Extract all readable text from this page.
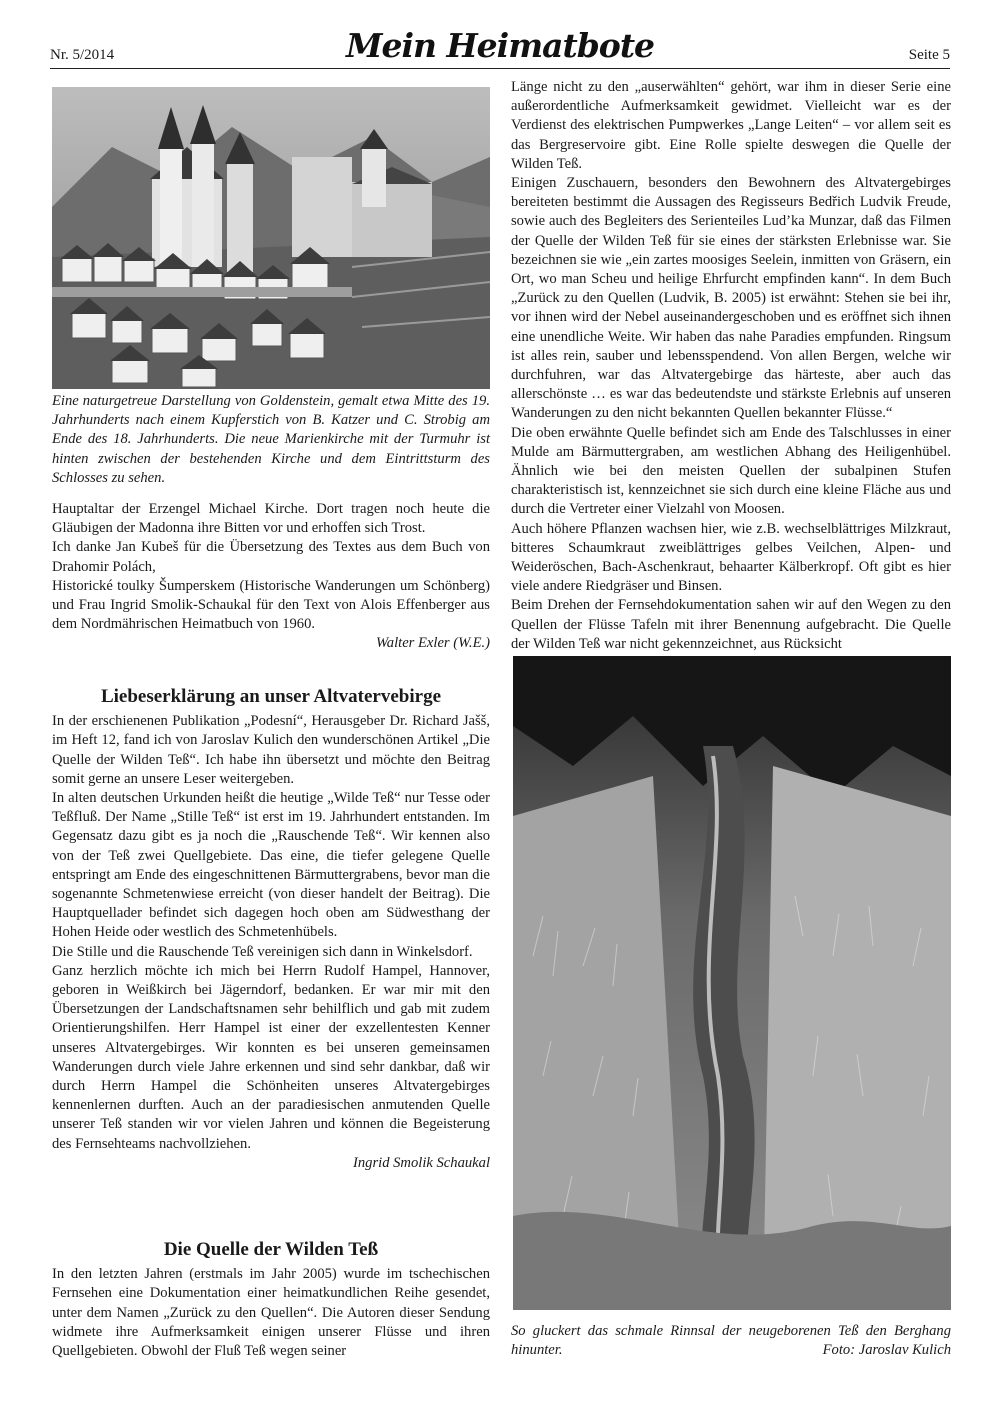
Nr. 5/2014	Mein Heimatbote	Seite 5

Eine naturgetreue Darstellung von Goldenstein, gemalt etwa Mitte des 19. Jahrhunderts nach einem Kupferstich von B. Katzer und C. Strobig am Ende des 18. Jahrhunderts. Die neue Marienkirche mit der Turmuhr ist hinten zwischen der bestehenden Kirche und dem Eintrittsturm des Schlosses zu sehen.

Hauptaltar der Erzengel Michael Kirche. Dort tragen noch heute die Gläubigen der Madonna ihre Bitten vor und erhoffen sich Trost.

Ich danke Jan Kubeš für die Übersetzung des Textes aus dem Buch von Drahomir Polách,

Historické toulky Šumperskem (Historische Wanderungen um Schönberg) und Frau Ingrid Smolik-Schaukal für den Text von Alois Effenberger aus dem Nordmährischen Heimatbuch von 1960.

Walter Exler (W.E.)

Liebeserklärung an unser Altvatervebirge

In der erschienenen Publikation „Podesní“, Herausgeber Dr. Richard Jašš, im Heft 12, fand ich von Jaroslav Kulich den wunderschönen Artikel „Die Quelle der Wilden Teß“. Ich habe ihn übersetzt und möchte den Beitrag somit gerne an unsere Leser weitergeben.

In alten deutschen Urkunden heißt die heutige „Wilde Teß“ nur Tesse oder Teßfluß. Der Name „Stille Teß“ ist erst im 19. Jahrhundert entstanden. Im Gegensatz dazu gibt es ja noch die „Rauschende Teß“. Wir kennen also von der Teß zwei Quellgebiete. Das eine, die tiefer gelegene Quelle entspringt am Ende des eingeschnittenen Bärmuttergrabens, bevor man die sogenannte Schmetenwiese erreicht (von dieser handelt der Beitrag). Die Hauptquellader befindet sich dagegen hoch oben am Südwesthang der Hohen Heide oder westlich des Schmetenhübels.

Die Stille und die Rauschende Teß vereinigen sich dann in Winkelsdorf.

Ganz herzlich möchte ich mich bei Herrn Rudolf Hampel, Hannover, geboren in Weißkirch bei Jägerndorf, bedanken. Er war mir mit den Übersetzungen der Landschaftsnamen sehr behilflich und gab mit zudem Orientierungshilfen. Herr Hampel ist einer der exzellentesten Kenner unseres Altvatergebirges. Wir konnten es bei unseren gemeinsamen Wanderungen durch viele Jahre erkennen und sind sehr dankbar, daß wir durch Herrn Hampel die Schönheiten unseres Altvatergebirges kennenlernen durften. Auch an der paradiesischen anmutenden Quelle unserer Teß standen wir vor vielen Jahren und können die Begeisterung des Fernsehteams nachvollziehen.

Ingrid Smolik Schaukal

Die Quelle der Wilden Teß

In den letzten Jahren (erstmals im Jahr 2005) wurde im tschechischen Fernsehen eine Dokumentation einer heimatkundlichen Reihe gesendet, unter dem Namen „Zurück zu den Quellen“. Die Autoren dieser Sendung widmete ihre Aufmerksamkeit einigen unserer Flüsse und ihren Quellgebieten. Obwohl der Fluß Teß wegen seiner

Länge nicht zu den „auserwählten“ gehört, war ihm in dieser Serie eine außerordentliche Aufmerksamkeit gewidmet. Vielleicht war es der Verdienst des elektrischen Pumpwerkes „Lange Leiten“ – vor allem seit es das Bergreservoire gibt. Eine Rolle spielte deswegen die Quelle der Wilden Teß.

Einigen Zuschauern, besonders den Bewohnern des Altvatergebirges bereiteten bestimmt die Aussagen des Regisseurs Bedřich Ludvik Freude, sowie auch des Begleiters des Serienteiles Lud’ka Munzar, daß das Filmen der Quelle der Wilden Teß für sie eines der stärksten Erlebnisse war. Sie bezeichnen sie wie „ein zartes moosiges Seelein, inmitten von Gräsern, ein Ort, wo man Scheu und heilige Ehrfurcht empfinden kann“. In dem Buch „Zurück zu den Quellen (Ludvik, B. 2005) ist erwähnt: Stehen sie bei ihr, vor ihnen wird der Nebel auseinandergeschoben und es eröffnet sich ihnen eine unendliche Weite. Wir haben das nahe Paradies empfunden. Ringsum ist alles rein, sauber und lebensspendend. Von allen Bergen, welche wir durchfuhren, war das Altvatergebirge das härteste, aber auch das allerschönste … es war das bedeutendste und stärkste Erlebnis auf unseren Wanderungen zu den nicht bekannten Quellen bekannter Flüsse.“

Die oben erwähnte Quelle befindet sich am Ende des Talschlusses in einer Mulde am Bärmuttergraben, am westlichen Abhang des Heiligenhübel. Ähnlich wie bei den meisten Quellen der subalpinen Stufen charakteristisch ist, kennzeichnet sie sich durch eine kleine Fläche aus und durch die Vertreter einer Vielzahl von Moosen.

Auch höhere Pflanzen wachsen hier, wie z.B. wechselblättriges Milzkraut, bitteres Schaumkraut zweiblättriges gelbes Veilchen, Alpen- und Weideröschen, Bach-Aschenkraut, behaarter Kälberkropf. Oft gibt es hier viele andere Riedgräser und Binsen.

Beim Drehen der Fernsehdokumentation sahen wir auf den Wegen zu den Quellen der Flüsse Tafeln mit ihrer Benennung aufgebracht. Die Quelle der Wilden Teß war nicht gekennzeichnet, aus Rücksicht

So gluckert das schmale Rinnsal der neugeborenen Teß den Berghang hinunter.	Foto: Jaroslav Kulich
